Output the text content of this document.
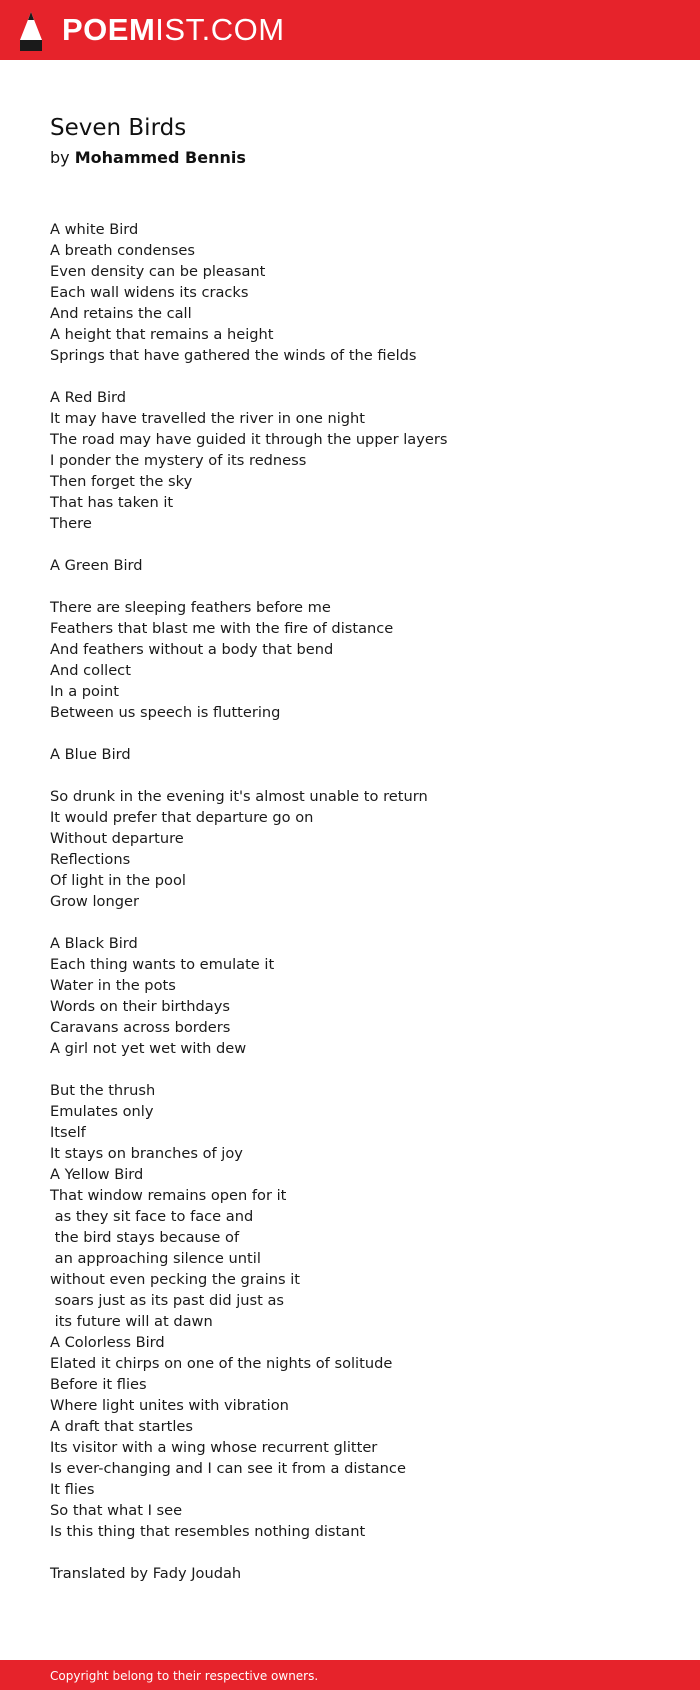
POEMIST.COM
Seven Birds
by Mohammed Bennis
A white Bird
A breath condenses
Even density can be pleasant
Each wall widens its cracks
And retains the call
A height that remains a height
Springs that have gathered the winds of the fields
A Red Bird
It may have travelled the river in one night
The road may have guided it through the upper layers
I ponder the mystery of its redness
Then forget the sky
That has taken it
There
A Green Bird
There are sleeping feathers before me
Feathers that blast me with the fire of distance
And feathers without a body that bend
And collect
In a point
Between us speech is fluttering
A Blue Bird
So drunk in the evening it's almost unable to return
It would prefer that departure go on
Without departure
Reflections
Of light in the pool
Grow longer
A Black Bird
Each thing wants to emulate it
Water in the pots
Words on their birthdays
Caravans across borders
A girl not yet wet with dew
But the thrush
Emulates only
Itself
It stays on branches of joy
A Yellow Bird
That window remains open for it
as they sit face to face and
the bird stays because of
an approaching silence until
without even pecking the grains it
soars just as its past did just as
its future will at dawn
A Colorless Bird
Elated it chirps on one of the nights of solitude
Before it flies
Where light unites with vibration
A draft that startles
Its visitor with a wing whose recurrent glitter
Is ever-changing and I can see it from a distance
It flies
So that what I see
Is this thing that resembles nothing distant
Translated by Fady Joudah
Copyright belong to their respective owners.
